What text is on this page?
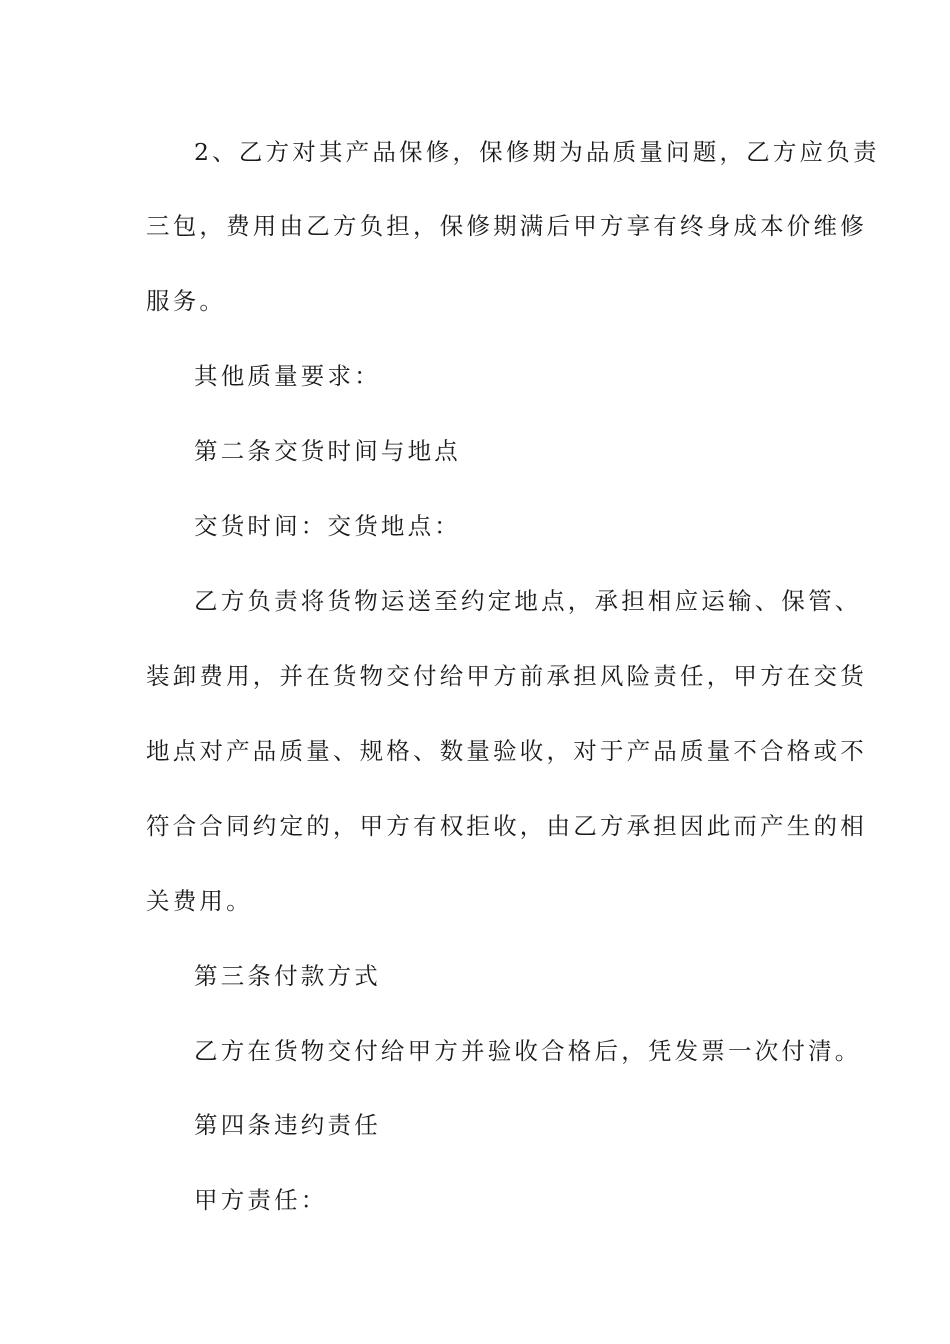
2、乙方对其产品保修，保修期为品质量问题，乙方应负责
三包，费用由乙方负担，保修期满后甲方享有终身成本价维修
服务。
其他质量要求：
第二条交货时间与地点
交货时间：交货地点：
乙方负责将货物运送至约定地点，承担相应运输、保管、
装卸费用，并在货物交付给甲方前承担风险责任，甲方在交货
地点对产品质量、规格、数量验收，对于产品质量不合格或不
符合合同约定的，甲方有权拒收，由乙方承担因此而产生的相
关费用。
第三条付款方式
乙方在货物交付给甲方并验收合格后，凭发票一次付清。
第四条违约责任
甲方责任：
